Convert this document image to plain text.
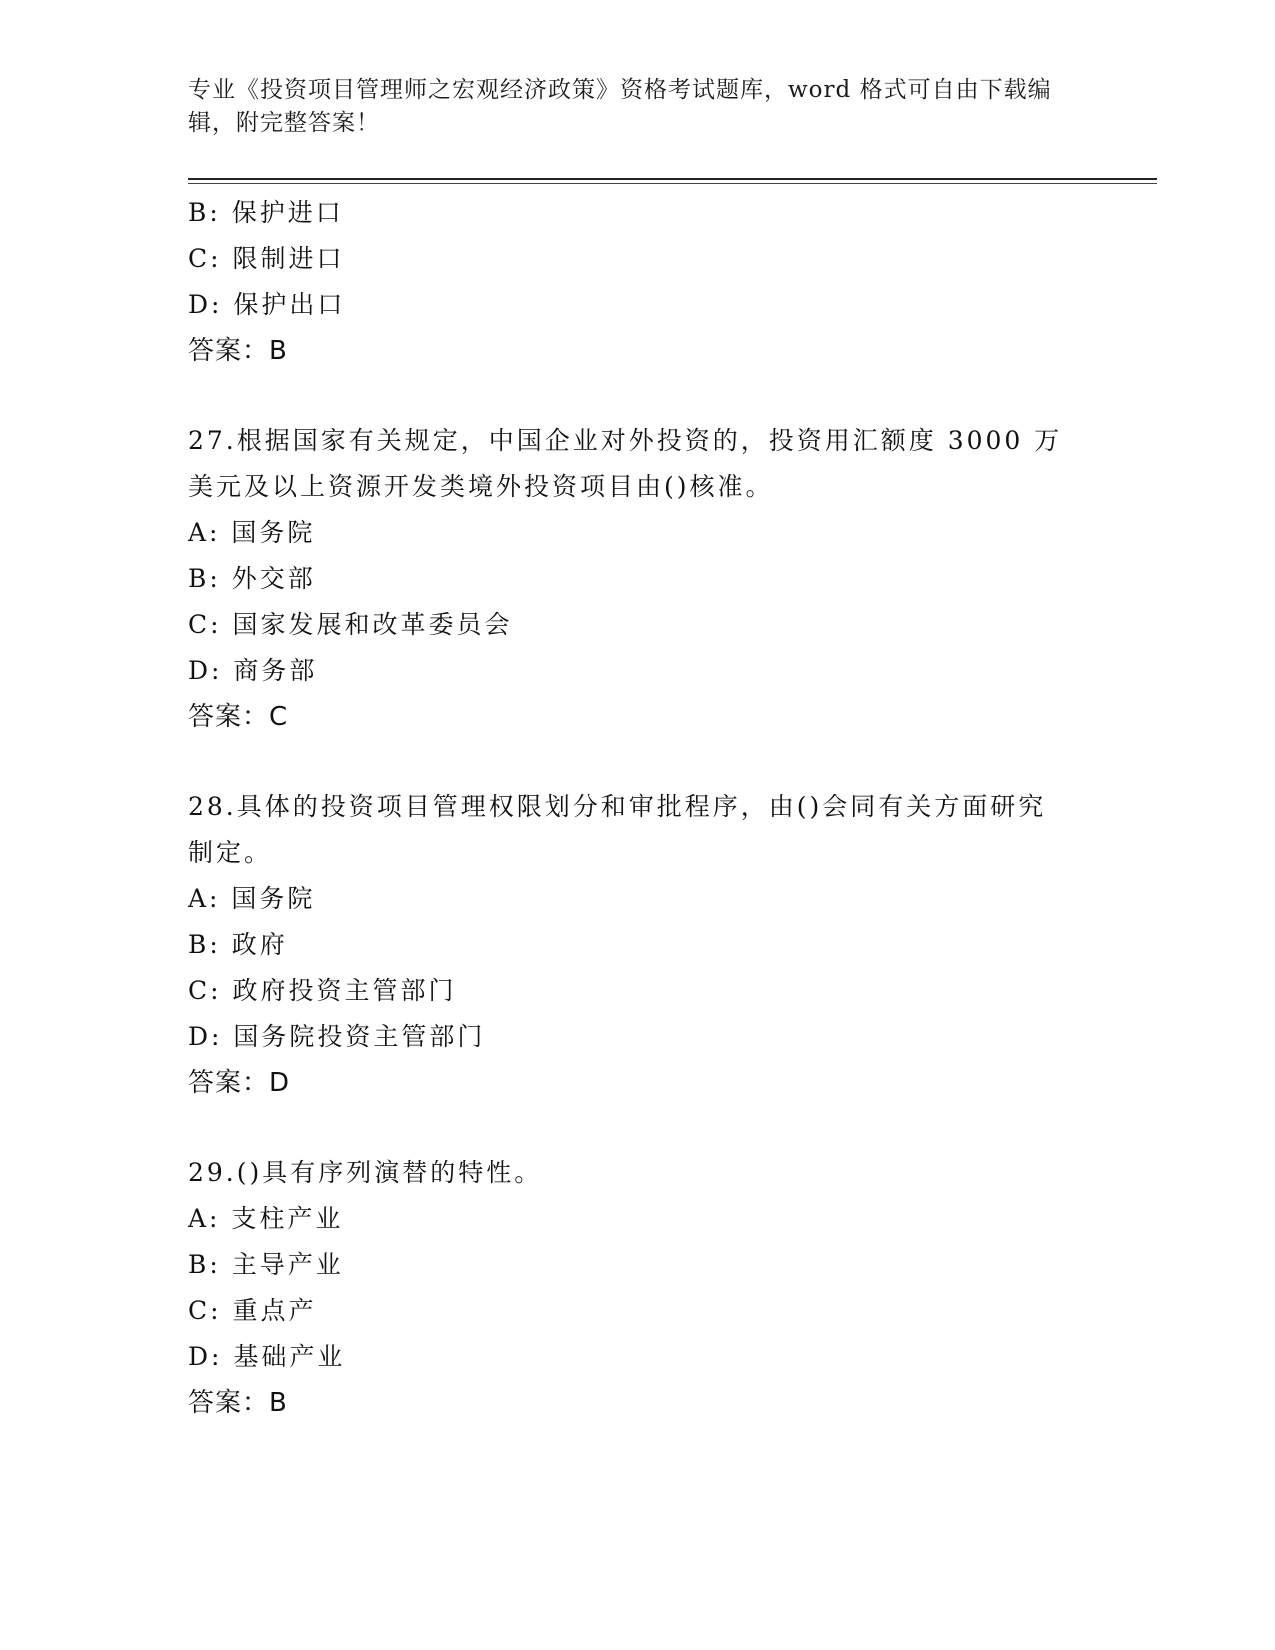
专业《投资项目管理师之宏观经济政策》资格考试题库，word 格式可自由下载编
辑，附完整答案！
B: 保护进口
C: 限制进口
D: 保护出口
答案：B
27.根据国家有关规定，中国企业对外投资的，投资用汇额度 3000 万
美元及以上资源开发类境外投资项目由()核准。
A: 国务院
B: 外交部
C: 国家发展和改革委员会
D: 商务部
答案：C
28.具体的投资项目管理权限划分和审批程序，由()会同有关方面研究
制定。
A: 国务院
B: 政府
C: 政府投资主管部门
D: 国务院投资主管部门
答案：D
29.()具有序列演替的特性。
A: 支柱产业
B: 主导产业
C: 重点产
D: 基础产业
答案：B
